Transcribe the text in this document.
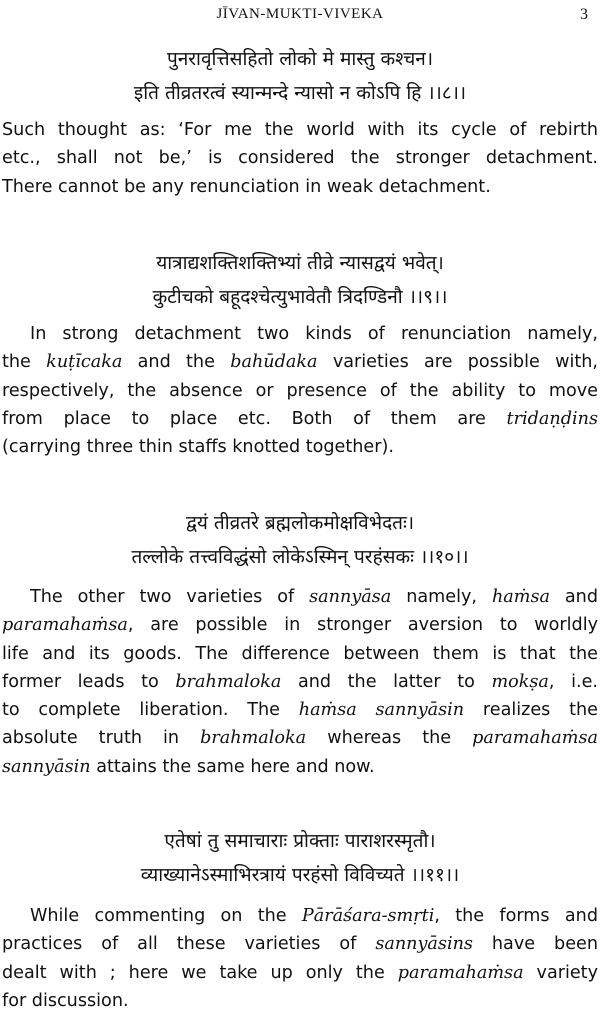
JĪVAN-MUKTI-VIVEKA	3
पुनरावृत्तिसहितो लोको मे मास्तु कश्चन।
इति तीव्रतरत्वं स्यान्मन्दे न्यासो न कोऽपि हि ।।८।।
Such thought as: ‘For me the world with its cycle of rebirth
etc., shall not be,’ is considered the stronger detachment.
There cannot be any renunciation in weak detachment.
यात्राद्यशक्तिशक्तिभ्यां तीव्रे न्यासद्वयं भवेत्।
कुटीचको बहूदश्चेत्युभावेतौ त्रिदण्डिनौ ।।९।।
In strong detachment two kinds of renunciation namely,
the kuṭīcaka and the bahūdaka varieties are possible with,
respectively, the absence or presence of the ability to move
from place to place etc. Both of them are tridaṇḍins
(carrying three thin staffs knotted together).
द्वयं तीव्रतरे ब्रह्मलोकमोक्षविभेदतः।
तल्लोके तत्त्वविद्धंसो लोकेऽस्मिन् परहंसकः ।।१०।।
The other two varieties of sannyāsa namely, haṁsa and
paramahaṁsa, are possible in stronger aversion to worldly
life and its goods. The difference between them is that the
former leads to brahmaloka and the latter to mokṣa, i.e.
to complete liberation. The haṁsa sannyāsin realizes the
absolute truth in brahmaloka whereas the paramahaṁsa
sannyāsin attains the same here and now.
एतेषां तु समाचाराः प्रोक्ताः पाराशरस्मृतौ।
व्याख्यानेऽस्माभिरत्रायं परहंसो विविच्यते ।।११।।
While commenting on the Pārāśara-smṛti, the forms and
practices of all these varieties of sannyāsins have been
dealt with ; here we take up only the paramahaṁsa variety
for discussion.
